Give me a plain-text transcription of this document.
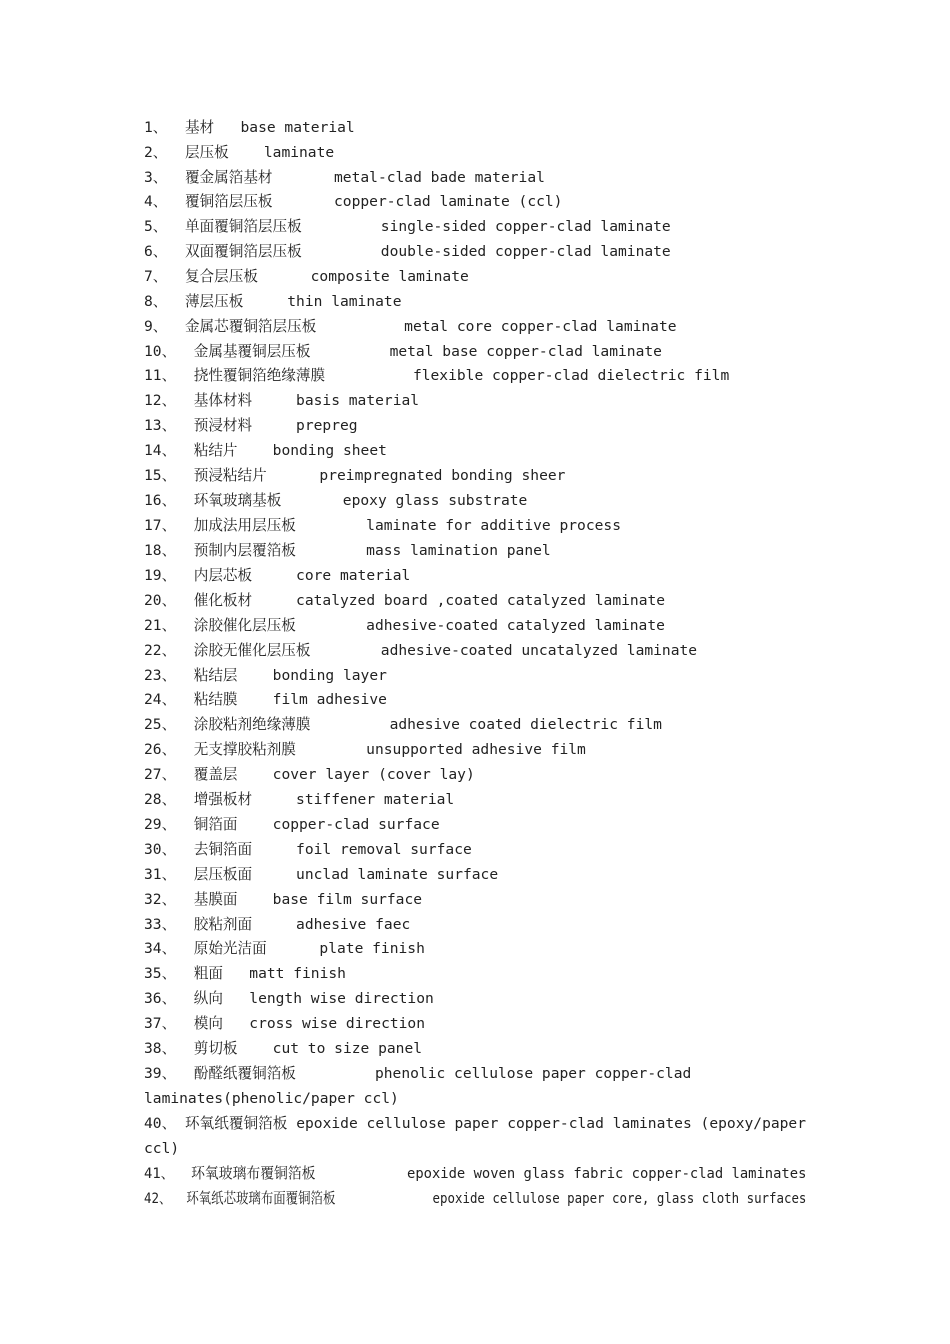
1、  基材   base material
2、  层压板    laminate
3、  覆金属箔基材       metal-clad bade material
4、  覆铜箔层压板       copper-clad laminate (ccl)
5、  单面覆铜箔层压板         single-sided copper-clad laminate
6、  双面覆铜箔层压板         double-sided copper-clad laminate
7、  复合层压板      composite laminate
8、  薄层压板     thin laminate
9、  金属芯覆铜箔层压板          metal core copper-clad laminate
10、  金属基覆铜层压板         metal base copper-clad laminate
11、  挠性覆铜箔绝缘薄膜          flexible copper-clad dielectric film
12、  基体材料     basis material
13、  预浸材料     prepreg
14、  粘结片    bonding sheet
15、  预浸粘结片      preimpregnated bonding sheer
16、  环氧玻璃基板       epoxy glass substrate
17、  加成法用层压板        laminate for additive process
18、  预制内层覆箔板        mass lamination panel
19、  内层芯板     core material
20、  催化板材     catalyzed board ,coated catalyzed laminate
21、  涂胶催化层压板        adhesive-coated catalyzed laminate
22、  涂胶无催化层压板        adhesive-coated uncatalyzed laminate
23、  粘结层    bonding layer
24、  粘结膜    film adhesive
25、  涂胶粘剂绝缘薄膜         adhesive coated dielectric film
26、  无支撑胶粘剂膜        unsupported adhesive film
27、  覆盖层    cover layer (cover lay)
28、  增强板材     stiffener material
29、  铜箔面    copper-clad surface
30、  去铜箔面     foil removal surface
31、  层压板面     unclad laminate surface
32、  基膜面    base film surface
33、  胶粘剂面     adhesive faec
34、  原始光洁面      plate finish
35、  粗面   matt finish
36、  纵向   length wise direction
37、  模向   cross wise direction
38、  剪切板    cut to size panel
39、  酚醛纸覆铜箔板         phenolic cellulose paper copper-clad
laminates(phenolic/paper ccl)
40、 环氧纸覆铜箔板 epoxide cellulose paper copper-clad laminates (epoxy/paper
ccl)
41、  环氧玻璃布覆铜箔板           epoxide woven glass fabric copper-clad laminates
42、  环氧纸芯玻璃布面覆铜箔板             epoxide cellulose paper core, glass cloth surfaces
